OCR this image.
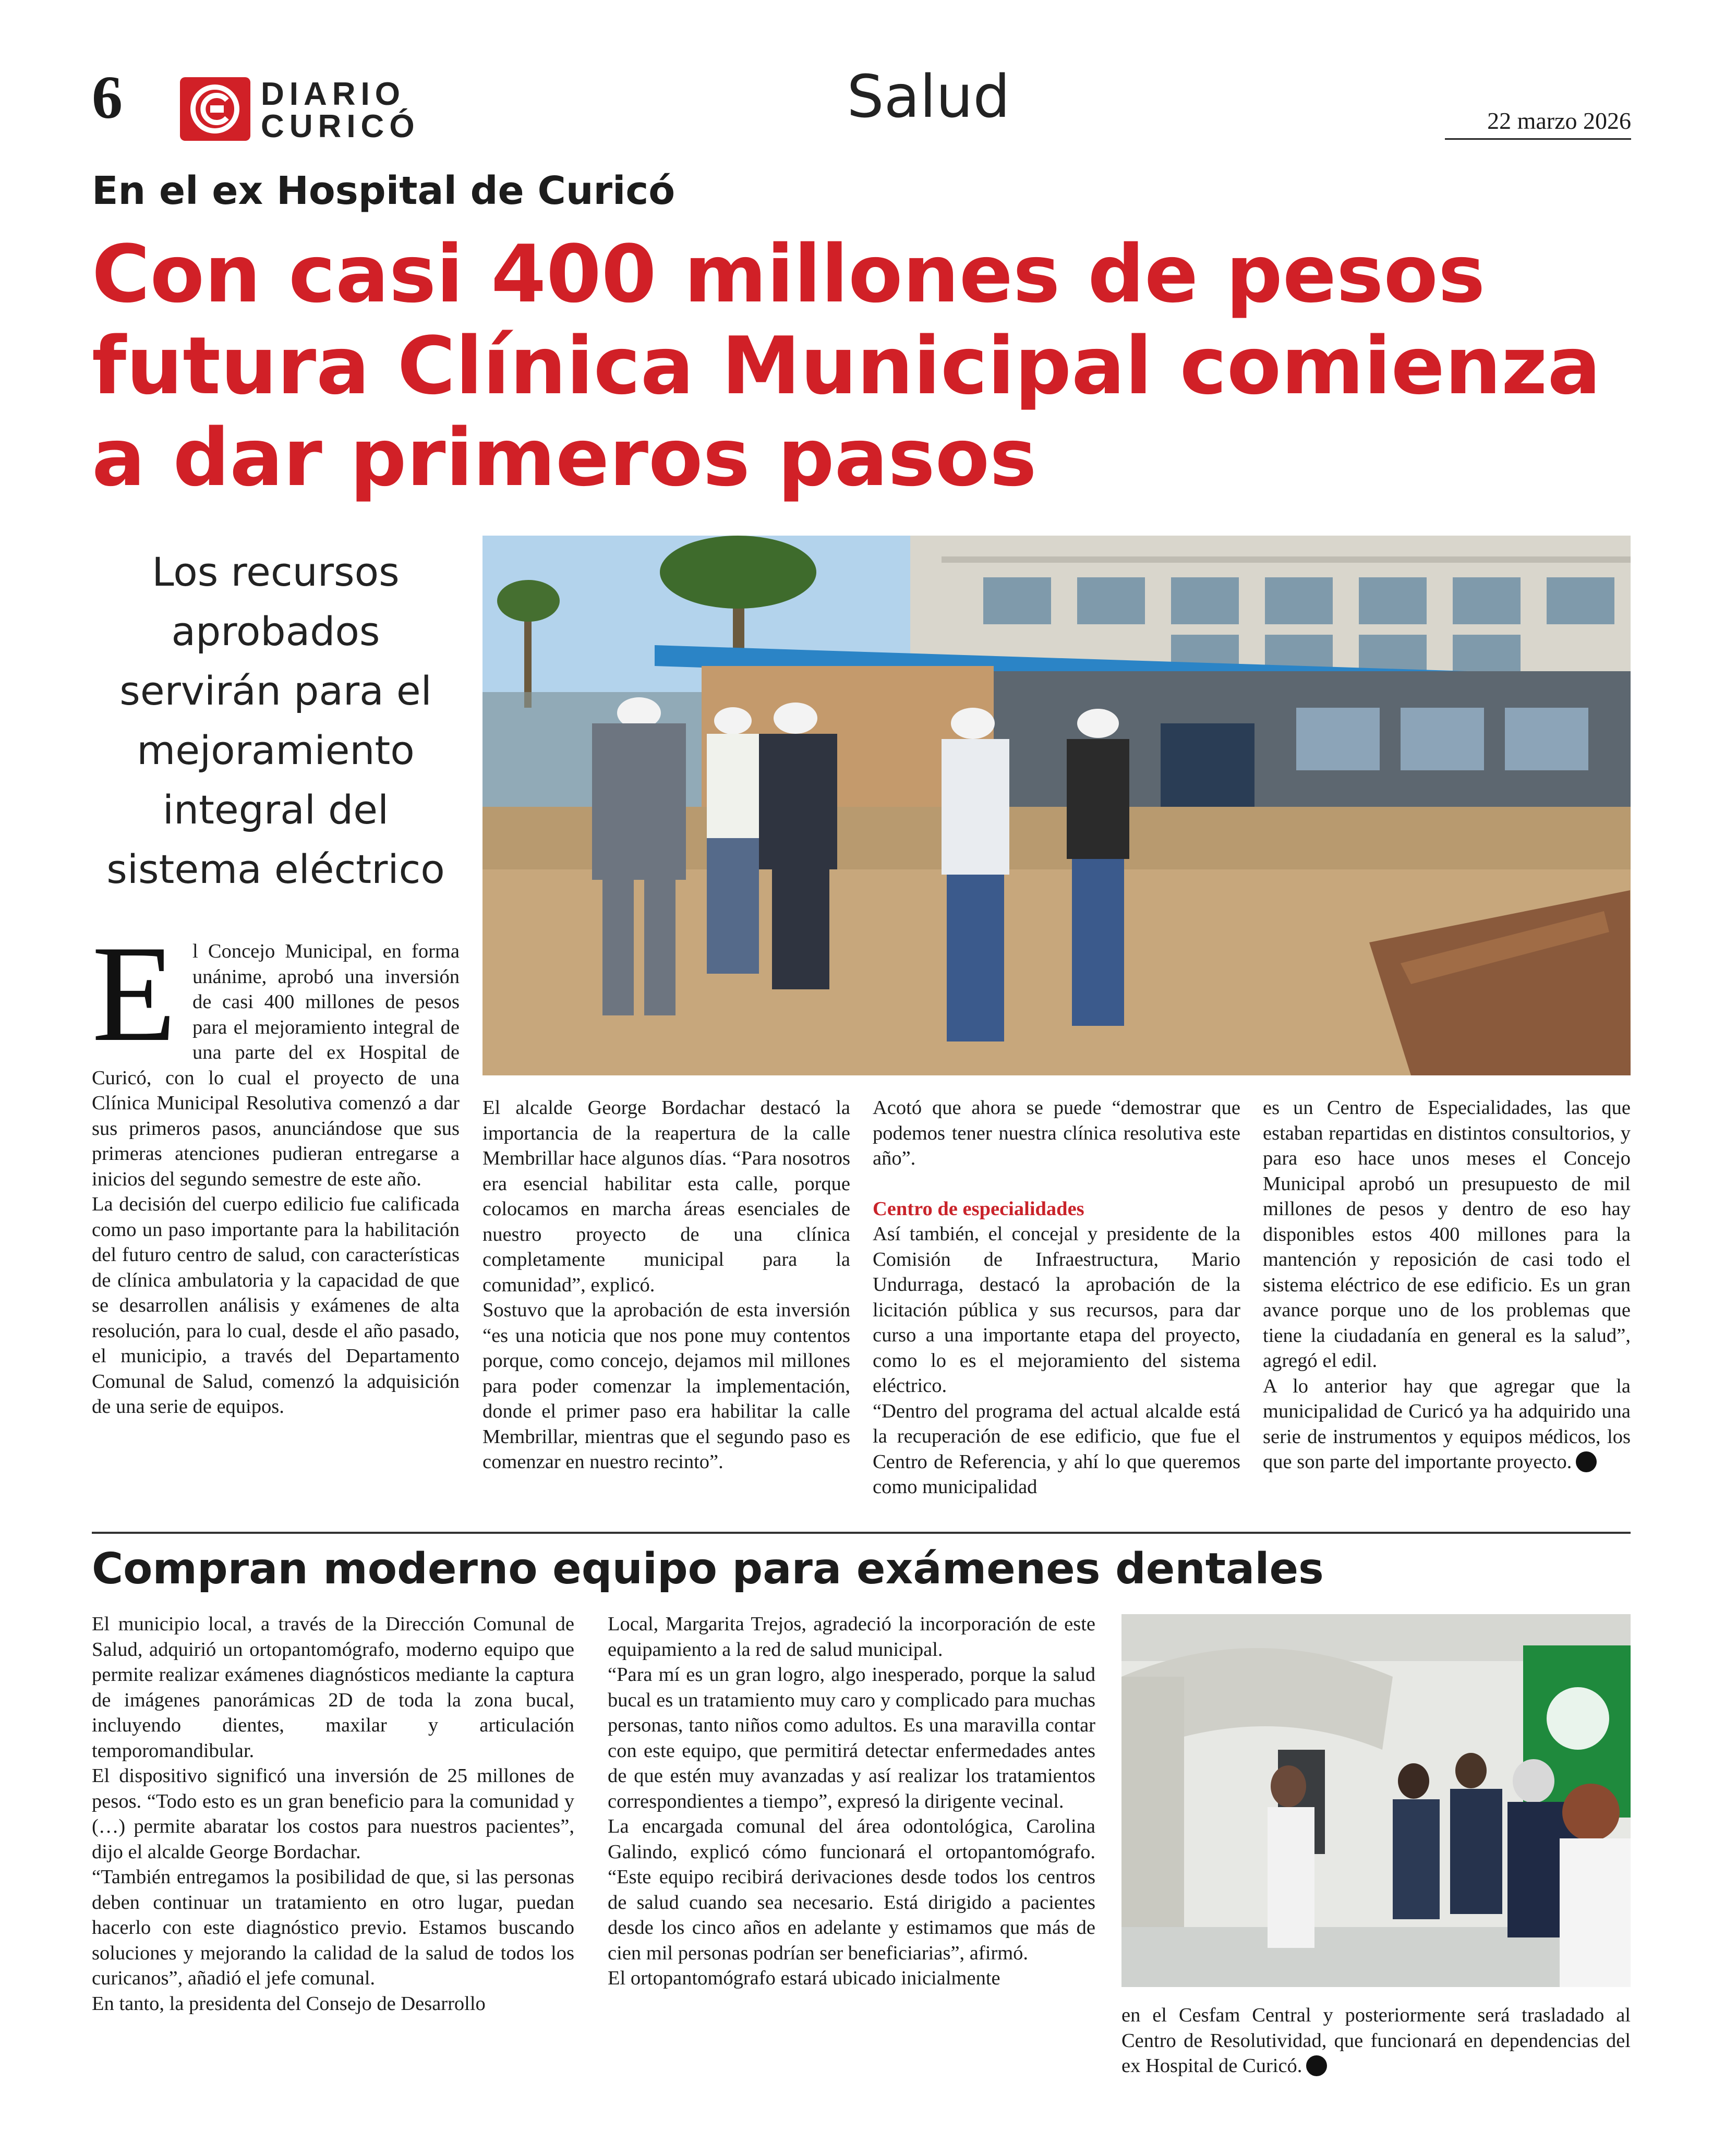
6	DIARIO
CURICÓ	Salud	22 marzo 2026
En el ex Hospital de Curicó
Con casi 400 millones de pesos futura Clínica Municipal comienza a dar primeros pasos
Los recursos aprobados servirán para el mejoramiento integral del sistema eléctrico
E l Concejo Municipal, en forma unánime, aprobó una inversión de casi 400 millones de pesos para el mejoramiento integral de una parte del ex Hospital de Curicó, con lo cual el proyecto de una Clínica Municipal Resolutiva comenzó a dar sus primeros pasos, anunciándose que sus primeras atenciones pudieran entregarse a inicios del segundo semestre de este año.

La decisión del cuerpo edilicio fue calificada como un paso importante para la habilitación del futuro centro de salud, con características de clínica ambulatoria y la capacidad de que se desarrollen análisis y exámenes de alta resolución, para lo cual, desde el año pasado, el municipio, a través del Departamento Comunal de Salud, comenzó la adquisición de una serie de equipos.

El alcalde George Bordachar destacó la importancia de la reapertura de la calle Membrillar hace algunos días. “Para nosotros era esencial habilitar esta calle, porque colocamos en marcha áreas esenciales de nuestro proyecto de una clínica completamente municipal para la comunidad”, explicó.

Sostuvo que la aprobación de esta inversión “es una noticia que nos pone muy contentos porque, como concejo, dejamos mil millones para poder comenzar la implementación, donde el primer paso era habilitar la calle Membrillar, mientras que el segundo paso es comenzar en nuestro recinto”.

Acotó que ahora se puede “demostrar que podemos tener nuestra clínica resolutiva este año”.

Centro de especialidades

Así también, el concejal y presidente de la Comisión de Infraestructura, Mario Undurraga, destacó la aprobación de la licitación pública y sus recursos, para dar curso a una importante etapa del proyecto, como lo es el mejoramiento del sistema eléctrico.

“Dentro del programa del actual alcalde está la recuperación de ese edificio, que fue el Centro de Referencia, y ahí lo que queremos como municipalidad

es un Centro de Especialidades, las que estaban repartidas en distintos consultorios, y para eso hace unos meses el Concejo Municipal aprobó un presupuesto de mil millones de pesos y dentro de eso hay disponibles estos 400 millones para la mantención y reposición de casi todo el sistema eléctrico de ese edificio. Es un gran avance porque uno de los problemas que tiene la ciudadanía en general es la salud”, agregó el edil.

A lo anterior hay que agregar que la municipalidad de Curicó ya ha adquirido una serie de instrumentos y equipos médicos, los que son parte del importante proyecto.

Compran moderno equipo para exámenes dentales

El municipio local, a través de la Dirección Comunal de Salud, adquirió un ortopantomógrafo, moderno equipo que permite realizar exámenes diagnósticos mediante la captura de imágenes panorámicas 2D de toda la zona bucal, incluyendo dientes, maxilar y articulación temporomandibular.

El dispositivo significó una inversión de 25 millones de pesos. “Todo esto es un gran beneficio para la comunidad y (…) permite abaratar los costos para nuestros pacientes”, dijo el alcalde George Bordachar.

“También entregamos la posibilidad de que, si las personas deben continuar un tratamiento en otro lugar, puedan hacerlo con este diagnóstico previo. Estamos buscando soluciones y mejorando la calidad de la salud de todos los curicanos”, añadió el jefe comunal.

En tanto, la presidenta del Consejo de Desarrollo

Local, Margarita Trejos, agradeció la incorporación de este equipamiento a la red de salud municipal.

“Para mí es un gran logro, algo inesperado, porque la salud bucal es un tratamiento muy caro y complicado para muchas personas, tanto niños como adultos. Es una maravilla contar con este equipo, que permitirá detectar enfermedades antes de que estén muy avanzadas y así realizar los tratamientos correspondientes a tiempo”, expresó la dirigente vecinal.

La encargada comunal del área odontológica, Carolina Galindo, explicó cómo funcionará el ortopantomógrafo. “Este equipo recibirá derivaciones desde todos los centros de salud cuando sea necesario. Está dirigido a pacientes desde los cinco años en adelante y estimamos que más de cien mil personas podrían ser beneficiarias”, afirmó.

El ortopantomógrafo estará ubicado inicialmente

en el Cesfam Central y posteriormente será trasladado al Centro de Resolutividad, que funcionará en dependencias del ex Hospital de Curicó.
